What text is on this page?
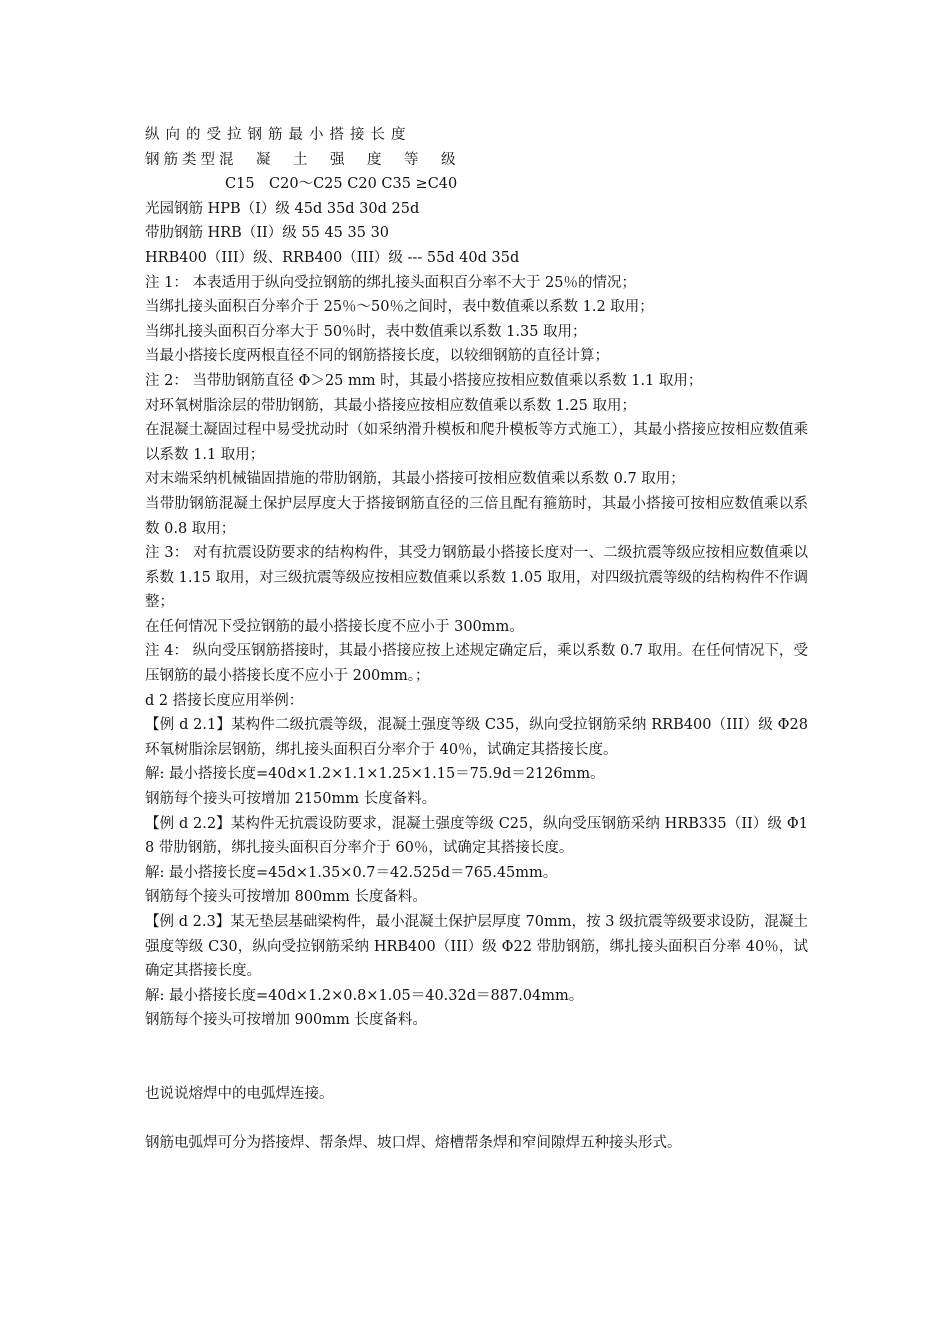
纵向的受拉钢筋最小搭接长度

钢筋类型混　凝　土　强　度　等　级

C15　C20～C25 C20 C35 ≥C40

光园钢筋 HPB（I）级 45d 35d 30d 25d

带肋钢筋 HRB（II）级 55 45 35 30

HRB400（III）级、RRB400（III）级 --- 55d 40d 35d

注 1： 本表适用于纵向受拉钢筋的绑扎接头面积百分率不大于 25％的情况；

当绑扎接头面积百分率介于 25％～50％之间时，表中数值乘以系数 1.2 取用；

当绑扎接头面积百分率大于 50％时，表中数值乘以系数 1.35 取用；

当最小搭接长度两根直径不同的钢筋搭接长度，以较细钢筋的直径计算；

注 2： 当带肋钢筋直径 Φ＞25 mm 时，其最小搭接应按相应数值乘以系数 1.1 取用；

对环氧树脂涂层的带肋钢筋，其最小搭接应按相应数值乘以系数 1.25 取用；

在混凝土凝固过程中易受扰动时（如采纳滑升模板和爬升模板等方式施工），其最小搭接应按相应数值乘以系数 1.1 取用；

对末端采纳机械锚固措施的带肋钢筋，其最小搭接可按相应数值乘以系数 0.7 取用；

当带肋钢筋混凝土保护层厚度大于搭接钢筋直径的三倍且配有箍筋时，其最小搭接可按相应数值乘以系数 0.8 取用；

注 3： 对有抗震设防要求的结构构件，其受力钢筋最小搭接长度对一、二级抗震等级应按相应数值乘以系数 1.15 取用，对三级抗震等级应按相应数值乘以系数 1.05 取用，对四级抗震等级的结构构件不作调整；

在任何情况下受拉钢筋的最小搭接长度不应小于 300mm。

注 4： 纵向受压钢筋搭接时，其最小搭接应按上述规定确定后，乘以系数 0.7 取用。在任何情况下，受压钢筋的最小搭接长度不应小于 200mm。；

d 2 搭接长度应用举例：

【例 d 2.1】某构件二级抗震等级，混凝土强度等级 C35，纵向受拉钢筋采纳 RRB400（III）级 Φ28 环氧树脂涂层钢筋，绑扎接头面积百分率介于 40％，试确定其搭接长度。

解: 最小搭接长度=40d×1.2×1.1×1.25×1.15＝75.9d＝2126mm。

钢筋每个接头可按增加 2150mm 长度备料。

【例 d 2.2】某构件无抗震设防要求，混凝土强度等级 C25，纵向受压钢筋采纳 HRB335（II）级 Φ18 带肋钢筋，绑扎接头面积百分率介于 60％，试确定其搭接长度。

解: 最小搭接长度=45d×1.35×0.7＝42.525d＝765.45mm。

钢筋每个接头可按增加 800mm 长度备料。

【例 d 2.3】某无垫层基础梁构件，最小混凝土保护层厚度 70mm，按 3 级抗震等级要求设防，混凝土强度等级 C30，纵向受拉钢筋采纳 HRB400（III）级 Φ22 带肋钢筋，绑扎接头面积百分率 40％，试确定其搭接长度。

解: 最小搭接长度=40d×1.2×0.8×1.05＝40.32d＝887.04mm。

钢筋每个接头可按增加 900mm 长度备料。

也说说熔焊中的电弧焊连接。

钢筋电弧焊可分为搭接焊、帮条焊、坡口焊、熔槽帮条焊和窄间隙焊五种接头形式。
